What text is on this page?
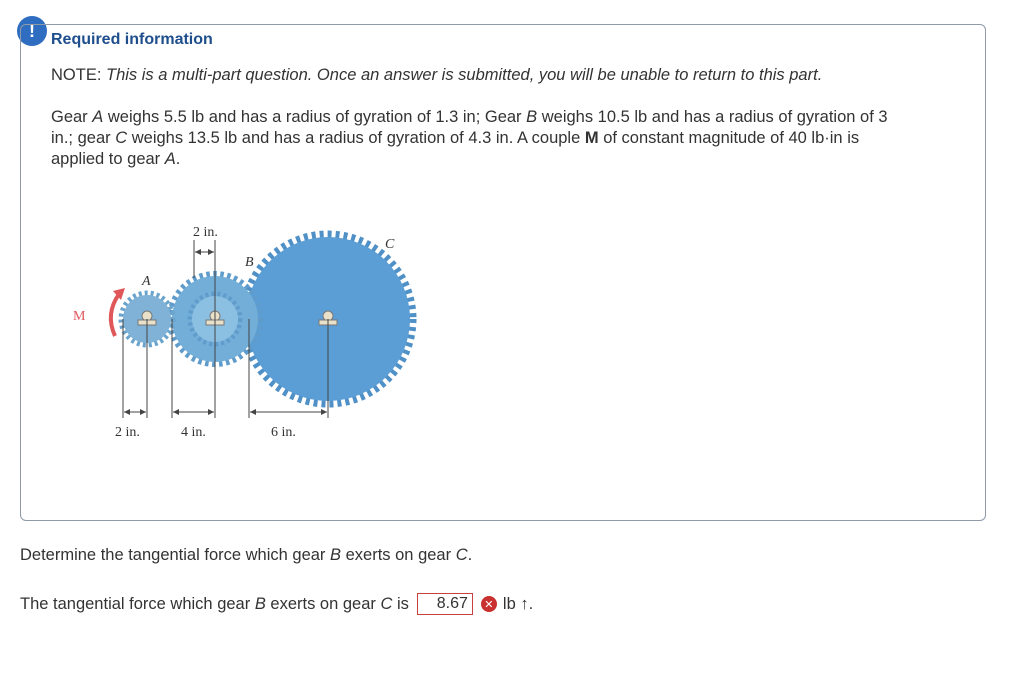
!	Required information
NOTE: This is a multi-part question. Once an answer is submitted, you will be unable to return to this part.
Gear A weighs 5.5 lb and has a radius of gyration of 1.3 in; Gear B weighs 10.5 lb and has a radius of gyration of 3 in.; gear C weighs 13.5 lb and has a radius of gyration of 4.3 in. A couple M of constant magnitude of 40 lb·in is applied to gear A.
2 in.
A
B
C
M
2 in.	4 in.	6 in.
Determine the tangential force which gear B exerts on gear C.
The tangential force which gear B exerts on gear C is	8.67	✕ lb ↑.
